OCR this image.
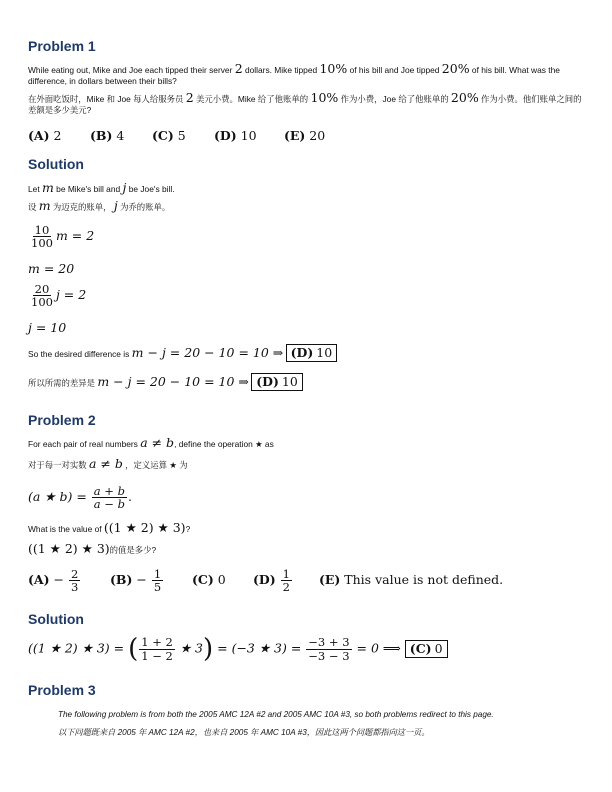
Problem 1
While eating out, Mike and Joe each tipped their server 2 dollars. Mike tipped 10% of his bill and Joe tipped 20% of his bill. What was the difference, in dollars between their bills?
在外面吃饭时，Mike 和 Joe 每人给服务员 2 美元小费。Mike 给了他账单的 10% 作为小费，Joe 给了他账单的 20% 作为小费。他们账单之间的差额是多少美元?
(A) 2 (B) 4 (C) 5 (D) 10 (E) 20
Solution
Let m be Mike's bill and j be Joe's bill.
设 m 为迈克的账单， j 为乔的账单。
$\frac{10}{100}$ m = 2
m = 20
$\frac{20}{100}$ j = 2
j = 10
So the desired difference is m − j = 20 − 10 = 10 ⇒ (D) 10
所以所需的差异是 m − j = 20 − 10 = 10 ⇒ (D) 10
Problem 2
For each pair of real numbers a ≠ b, define the operation ★ as
对于每一对实数 a ≠ b ，定义运算 ★ 为
(a ★ $b) = \frac{a + b}{a - b}$ .
What is the value of ((1 ★ 2) ★ 3)?
((1 ★ 2) ★ 3)的值是多少?
$(A) - \frac{2}{3} (B) - \frac{1}{5} (C)$ 0 $(D) \frac{1}{2} (E)$ This value is not defined.
Solution
((1 ★ 2) ★ 3) = ( $\frac{1 + 2}{1 - 2}$ ★ 3) = (−3 ★ $3) = \frac{-3 + 3}{-3 - 3} = 0$ ⟹ (C) 0
Problem 3
The following problem is from both the 2005 AMC 12A #2 and 2005 AMC 10A #3, so both problems redirect to this page.
以下问题既来自 2005 年 AMC 12A #2，也来自 2005 年 AMC 10A #3，因此这两个问题都指向这一页。
